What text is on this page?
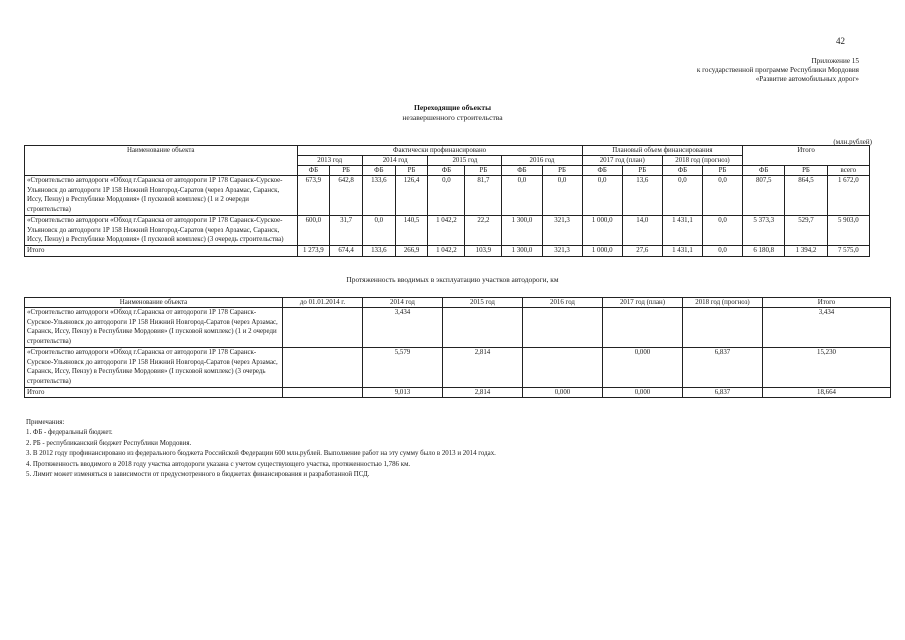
42
Приложение 15
к государственной программе Республики Мордовия
«Развитие автомобильных дорог»
Переходящие объекты
незавершенного строительства
(млн.рублей)
Наименование объекта	Фактически профинансировано								Плановый объем финансирования				Итого		
	2013 год		2014 год		2015 год		2016 год		2017 год (план)		2018 год (прогноз)				
	ФБ	РБ	ФБ	РБ	ФБ	РБ	ФБ	РБ	ФБ	РБ	ФБ	РБ	ФБ	РБ	всего
«Строительство автодороги «Обход г.Саранска от автодороги 1Р 178 Саранск-Сурское-Ульяновск до автодороги 1Р 158 Нижний Новгород-Саратов (через Арзамас, Саранск, Иссу, Пензу) в Республике Мордовия» (I пусковой комплекс) (1 и 2 очереди строительства)	673,9	642,8	133,6	126,4	0,0	81,7	0,0	0,0	0,0	13,6	0,0	0,0	807,5	864,5	1 672,0
«Строительство автодороги «Обход г.Саранска от автодороги 1Р 178 Саранск-Сурское-Ульяновск до автодороги 1Р 158 Нижний Новгород-Саратов (через Арзамас, Саранск, Иссу, Пензу) в Республике Мордовия» (I пусковой комплекс) (3 очередь строительства)	600,0	31,7	0,0	140,5	1 042,2	22,2	1 300,0	321,3	1 000,0	14,0	1 431,1	0,0	5 373,3	529,7	5 903,0
Итого	1 273,9	674,4	133,6	266,9	1 042,2	103,9	1 300,0	321,3	1 000,0	27,6	1 431,1	0,0	6 180,8	1 394,2	7 575,0
Протяженность вводимых в эксплуатацию участков автодороги, км
Наименование объекта	до 01.01.2014 г.	2014 год	2015 год	2016 год	2017 год (план)	2018 год (прогноз)	Итого
«Строительство автодороги «Обход г.Саранска от автодороги 1Р 178 Саранск-Сурское-Ульяновск до автодороги 1Р 158 Нижний Новгород-Саратов (через Арзамас, Саранск, Иссу, Пензу) в Республике Мордовия» (I пусковой комплекс) (1 и 2 очереди строительства)		3,434					3,434
«Строительство автодороги «Обход г.Саранска от автодороги 1Р 178 Саранск-Сурское-Ульяновск до автодороги 1Р 158 Нижний Новгород-Саратов (через Арзамас, Саранск, Иссу, Пензу) в Республике Мордовия» (I пусковой комплекс) (3 очередь строительства)		5,579	2,814		0,000	6,837	15,230
Итого		9,013	2,814	0,000	0,000	6,837	18,664
Примечания:
1. ФБ - федеральный бюджет.
2. РБ - республиканский бюджет Республики Мордовия.
3. В 2012 году профинансировано из федерального бюджета Российской Федерации 600 млн.рублей. Выполнение работ на эту сумму было в 2013 и 2014 годах.
4. Протяженность вводимого в 2018 году участка автодороги указана с учетом существующего участка, протяженностью 1,786 км.
5. Лимит может изменяться в зависимости от предусмотренного в бюджетах финансирования и разработанной ПСД.
